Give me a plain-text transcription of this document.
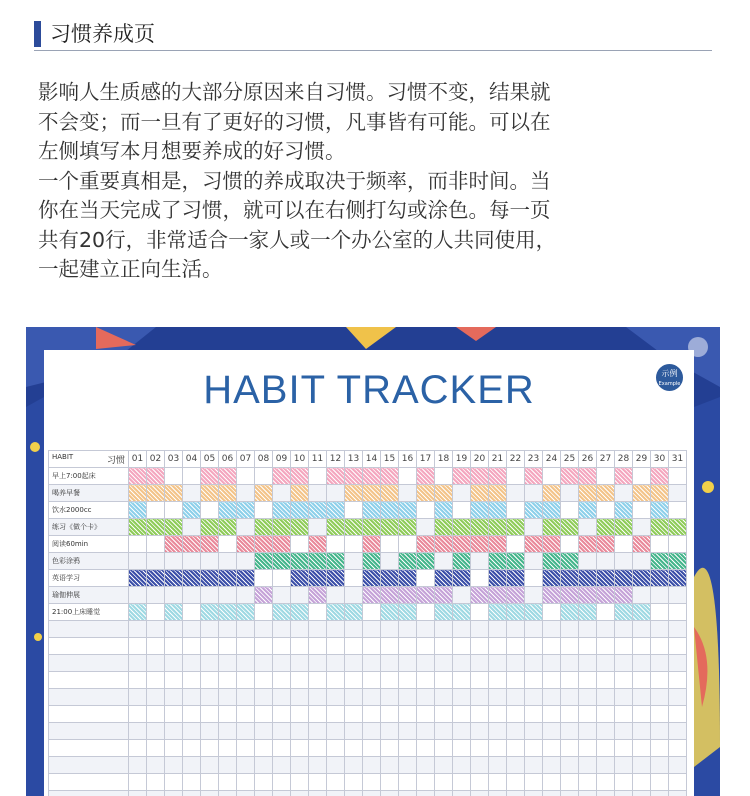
习惯养成页

影响人生质感的大部分原因来自习惯。习惯不变，结果就
不会变；而一旦有了更好的习惯，凡事皆有可能。可以在
左侧填写本月想要养成的好习惯。

一个重要真相是，习惯的养成取决于频率，而非时间。当
你在当天完成了习惯，就可以在右侧打勾或涂色。每一页
共有20行，非常适合一家人或一个办公室的人共同使用，
一起建立正向生活。

HABIT TRACKER	示例
Example
HABIT 习惯	01	02	03	04	05	06	07	08	09	10	11	12	13	14	15	16	17	18	19	20	21	22	23	24	25	26	27	28	29	30	31
早上7:00起床																															
喝养早餐																															
饮水2000cc																															
练习《做个卡》																															
阅读60min																															
色彩涂鸦																															
英语学习																															
瑜伽伸展																															
21:00上床睡觉																															
